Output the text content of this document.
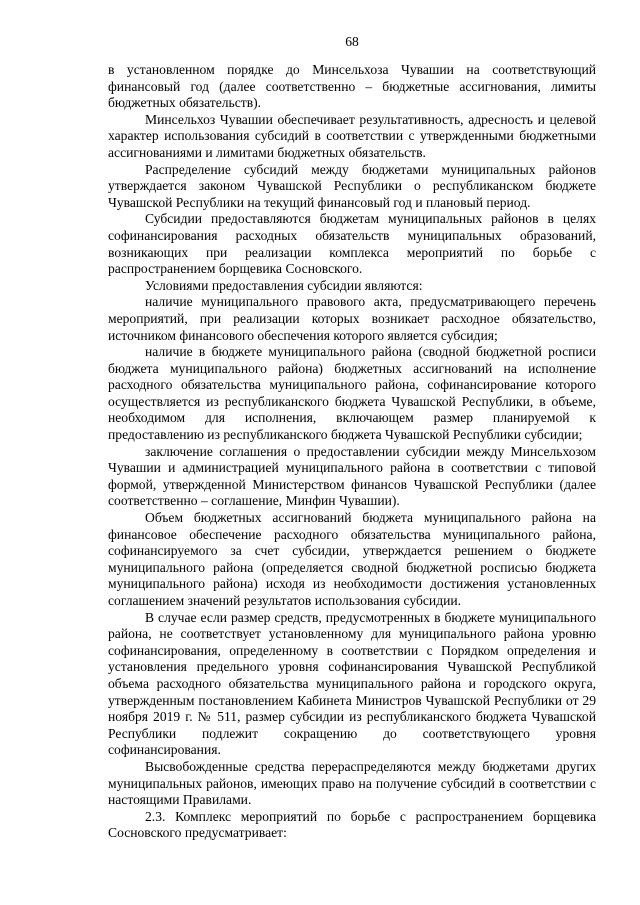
68

в установленном порядке до Минсельхоза Чувашии на соответствующий финансовый год (далее соответственно – бюджетные ассигнования, лимиты бюджетных обязательств).

Минсельхоз Чувашии обеспечивает результативность, адресность и целевой характер использования субсидий в соответствии с утвержденными бюджетными ассигнованиями и лимитами бюджетных обязательств.

Распределение субсидий между бюджетами муниципальных районов утверждается законом Чувашской Республики о республиканском бюджете Чувашской Республики на текущий финансовый год и плановый период.

Субсидии предоставляются бюджетам муниципальных районов в целях софинансирования расходных обязательств муниципальных образований, возникающих при реализации комплекса мероприятий по борьбе с распространением борщевика Сосновского.

Условиями предоставления субсидии являются:

наличие муниципального правового акта, предусматривающего перечень мероприятий, при реализации которых возникает расходное обязательство, источником финансового обеспечения которого является субсидия;

наличие в бюджете муниципального района (сводной бюджетной росписи бюджета муниципального района) бюджетных ассигнований на исполнение расходного обязательства муниципального района, софинансирование которого осуществляется из республиканского бюджета Чувашской Республики, в объеме, необходимом для исполнения, включающем размер планируемой к предоставлению из республиканского бюджета Чувашской Республики субсидии;

заключение соглашения о предоставлении субсидии между Минсельхозом Чувашии и администрацией муниципального района в соответствии с типовой формой, утвержденной Министерством финансов Чувашской Республики (далее соответственно – соглашение, Минфин Чувашии).

Объем бюджетных ассигнований бюджета муниципального района на финансовое обеспечение расходного обязательства муниципального района, софинансируемого за счет субсидии, утверждается решением о бюджете муниципального района (определяется сводной бюджетной росписью бюджета муниципального района) исходя из необходимости достижения установленных соглашением значений результатов использования субсидии.

В случае если размер средств, предусмотренных в бюджете муниципального района, не соответствует установленному для муниципального района уровню софинансирования, определенному в соответствии с Порядком определения и установления предельного уровня софинансирования Чувашской Республикой объема расходного обязательства муниципального района и городского округа, утвержденным постановлением Кабинета Министров Чувашской Республики от 29 ноября 2019 г. № 511, размер субсидии из республиканского бюджета Чувашской Республики подлежит сокращению до соответствующего уровня софинансирования.

Высвобожденные средства перераспределяются между бюджетами других муниципальных районов, имеющих право на получение субсидий в соответствии с настоящими Правилами.

2.3. Комплекс мероприятий по борьбе с распространением борщевика Сосновского предусматривает:
